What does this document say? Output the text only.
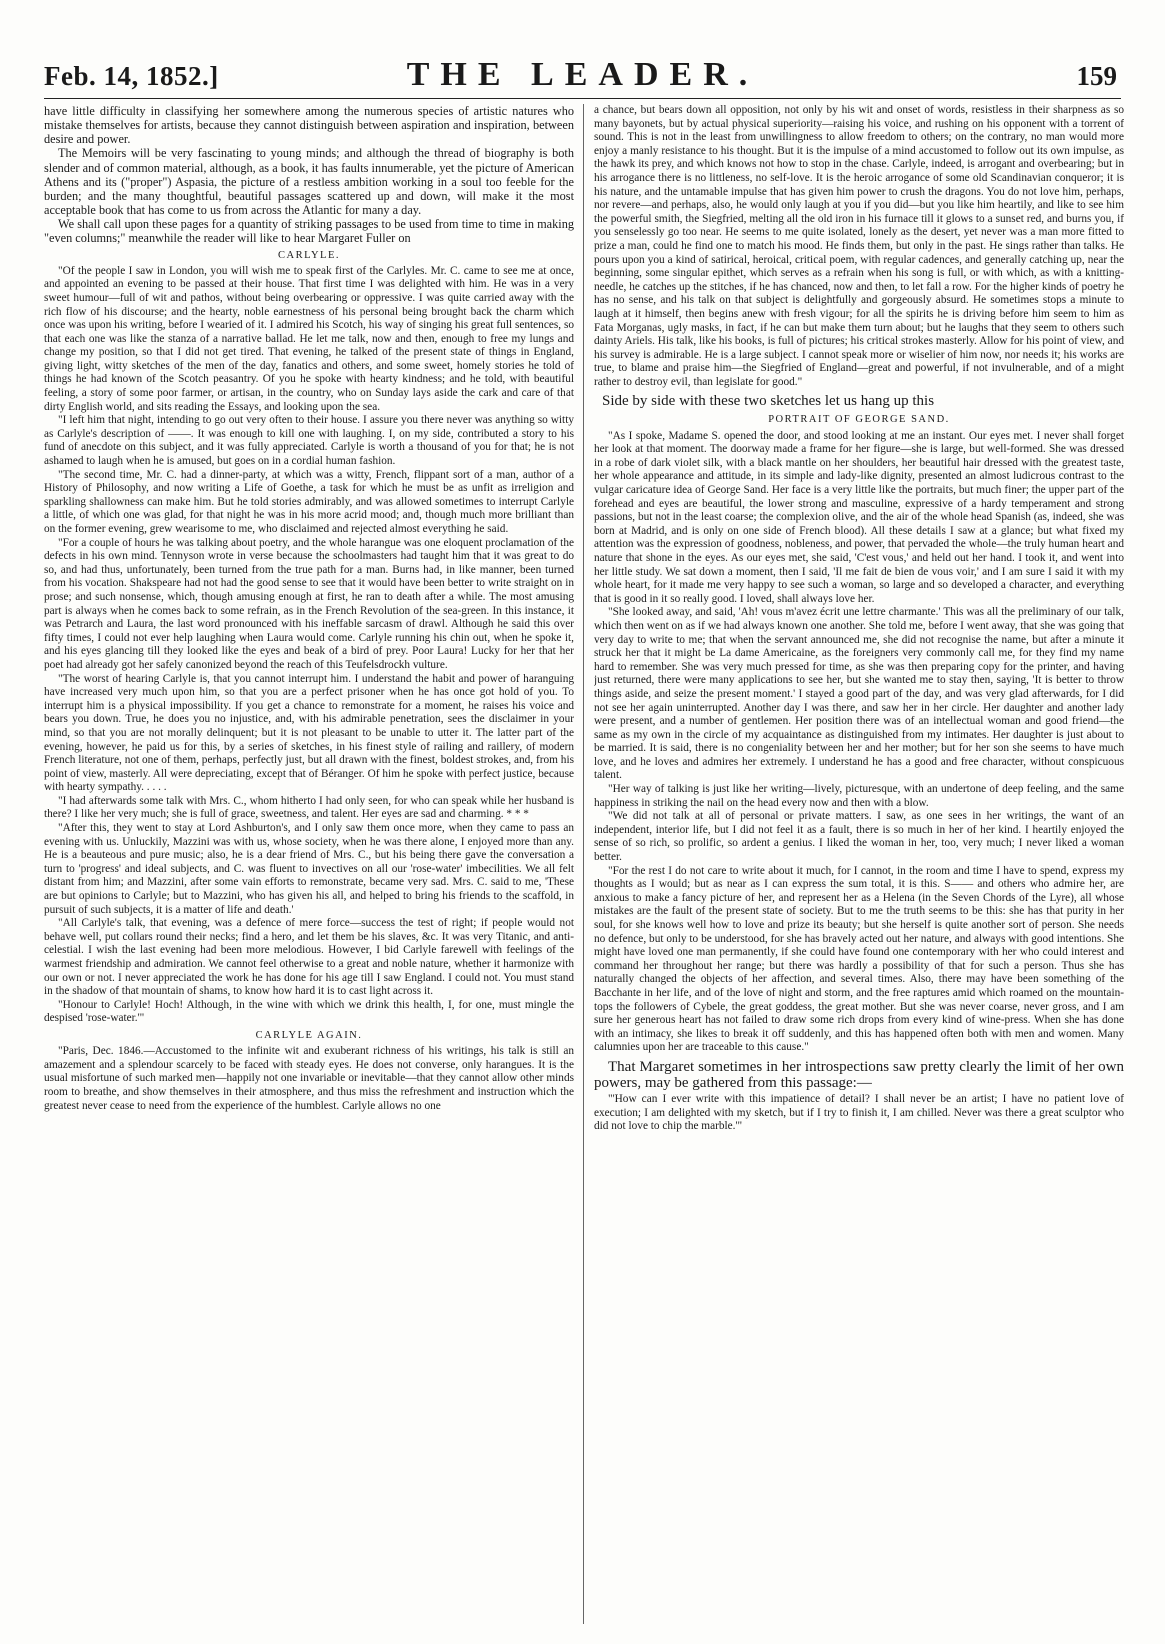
Feb. 14, 1852.]	THE LEADER.	159

have little difficulty in classifying her somewhere among the numerous species of artistic natures who mistake themselves for artists, because they cannot distinguish between aspiration and inspiration, between desire and power.

The Memoirs will be very fascinating to young minds; and although the thread of biography is both slender and of common material, although, as a book, it has faults innumerable, yet the picture of American Athens and its ("proper") Aspasia, the picture of a restless ambition working in a soul too feeble for the burden; and the many thoughtful, beautiful passages scattered up and down, will make it the most acceptable book that has come to us from across the Atlantic for many a day.

We shall call upon these pages for a quantity of striking passages to be used from time to time in making "even columns;" meanwhile the reader will like to hear Margaret Fuller on

CARLYLE.

"Of the people I saw in London, you will wish me to speak first of the Carlyles. Mr. C. came to see me at once, and appointed an evening to be passed at their house. That first time I was delighted with him. He was in a very sweet humour—full of wit and pathos, without being overbearing or oppressive. I was quite carried away with the rich flow of his discourse; and the hearty, noble earnestness of his personal being brought back the charm which once was upon his writing, before I wearied of it. I admired his Scotch, his way of singing his great full sentences, so that each one was like the stanza of a narrative ballad. He let me talk, now and then, enough to free my lungs and change my position, so that I did not get tired. That evening, he talked of the present state of things in England, giving light, witty sketches of the men of the day, fanatics and others, and some sweet, homely stories he told of things he had known of the Scotch peasantry. Of you he spoke with hearty kindness; and he told, with beautiful feeling, a story of some poor farmer, or artisan, in the country, who on Sunday lays aside the cark and care of that dirty English world, and sits reading the Essays, and looking upon the sea.

"I left him that night, intending to go out very often to their house. I assure you there never was anything so witty as Carlyle's description of ——. It was enough to kill one with laughing. I, on my side, contributed a story to his fund of anecdote on this subject, and it was fully appreciated. Carlyle is worth a thousand of you for that; he is not ashamed to laugh when he is amused, but goes on in a cordial human fashion.

"The second time, Mr. C. had a dinner-party, at which was a witty, French, flippant sort of a man, author of a History of Philosophy, and now writing a Life of Goethe, a task for which he must be as unfit as irreligion and sparkling shallowness can make him. But he told stories admirably, and was allowed sometimes to interrupt Carlyle a little, of which one was glad, for that night he was in his more acrid mood; and, though much more brilliant than on the former evening, grew wearisome to me, who disclaimed and rejected almost everything he said.

"For a couple of hours he was talking about poetry, and the whole harangue was one eloquent proclamation of the defects in his own mind. Tennyson wrote in verse because the schoolmasters had taught him that it was great to do so, and had thus, unfortunately, been turned from the true path for a man. Burns had, in like manner, been turned from his vocation. Shakspeare had not had the good sense to see that it would have been better to write straight on in prose; and such nonsense, which, though amusing enough at first, he ran to death after a while. The most amusing part is always when he comes back to some refrain, as in the French Revolution of the sea-green. In this instance, it was Petrarch and Laura, the last word pronounced with his ineffable sarcasm of drawl. Although he said this over fifty times, I could not ever help laughing when Laura would come. Carlyle running his chin out, when he spoke it, and his eyes glancing till they looked like the eyes and beak of a bird of prey. Poor Laura! Lucky for her that her poet had already got her safely canonized beyond the reach of this Teufelsdrockh vulture.

"The worst of hearing Carlyle is, that you cannot interrupt him. I understand the habit and power of haranguing have increased very much upon him, so that you are a perfect prisoner when he has once got hold of you. To interrupt him is a physical impossibility. If you get a chance to remonstrate for a moment, he raises his voice and bears you down. True, he does you no injustice, and, with his admirable penetration, sees the disclaimer in your mind, so that you are not morally delinquent; but it is not pleasant to be unable to utter it. The latter part of the evening, however, he paid us for this, by a series of sketches, in his finest style of railing and raillery, of modern French literature, not one of them, perhaps, perfectly just, but all drawn with the finest, boldest strokes, and, from his point of view, masterly. All were depreciating, except that of Béranger. Of him he spoke with perfect justice, because with hearty sympathy. . . . .

"I had afterwards some talk with Mrs. C., whom hitherto I had only seen, for who can speak while her husband is there? I like her very much; she is full of grace, sweetness, and talent. Her eyes are sad and charming. * * *

"After this, they went to stay at Lord Ashburton's, and I only saw them once more, when they came to pass an evening with us. Unluckily, Mazzini was with us, whose society, when he was there alone, I enjoyed more than any. He is a beauteous and pure music; also, he is a dear friend of Mrs. C., but his being there gave the conversation a turn to 'progress' and ideal subjects, and C. was fluent to invectives on all our 'rose-water' imbecilities. We all felt distant from him; and Mazzini, after some vain efforts to remonstrate, became very sad. Mrs. C. said to me, 'These are but opinions to Carlyle; but to Mazzini, who has given his all, and helped to bring his friends to the scaffold, in pursuit of such subjects, it is a matter of life and death.'

"All Carlyle's talk, that evening, was a defence of mere force—success the test of right; if people would not behave well, put collars round their necks; find a hero, and let them be his slaves, &c. It was very Titanic, and anti-celestial. I wish the last evening had been more melodious. However, I bid Carlyle farewell with feelings of the warmest friendship and admiration. We cannot feel otherwise to a great and noble nature, whether it harmonize with our own or not. I never appreciated the work he has done for his age till I saw England. I could not. You must stand in the shadow of that mountain of shams, to know how hard it is to cast light across it.

"Honour to Carlyle! Hoch! Although, in the wine with which we drink this health, I, for one, must mingle the despised 'rose-water.'"

CARLYLE AGAIN.

"Paris, Dec. 1846.—Accustomed to the infinite wit and exuberant richness of his writings, his talk is still an amazement and a splendour scarcely to be faced with steady eyes. He does not converse, only harangues. It is the usual misfortune of such marked men—happily not one invariable or inevitable—that they cannot allow other minds room to breathe, and show themselves in their atmosphere, and thus miss the refreshment and instruction which the greatest never cease to need from the experience of the humblest. Carlyle allows no one

a chance, but bears down all opposition, not only by his wit and onset of words, resistless in their sharpness as so many bayonets, but by actual physical superiority—raising his voice, and rushing on his opponent with a torrent of sound. This is not in the least from unwillingness to allow freedom to others; on the contrary, no man would more enjoy a manly resistance to his thought. But it is the impulse of a mind accustomed to follow out its own impulse, as the hawk its prey, and which knows not how to stop in the chase. Carlyle, indeed, is arrogant and overbearing; but in his arrogance there is no littleness, no self-love. It is the heroic arrogance of some old Scandinavian conqueror; it is his nature, and the untamable impulse that has given him power to crush the dragons. You do not love him, perhaps, nor revere—and perhaps, also, he would only laugh at you if you did—but you like him heartily, and like to see him the powerful smith, the Siegfried, melting all the old iron in his furnace till it glows to a sunset red, and burns you, if you senselessly go too near. He seems to me quite isolated, lonely as the desert, yet never was a man more fitted to prize a man, could he find one to match his mood. He finds them, but only in the past. He sings rather than talks. He pours upon you a kind of satirical, heroical, critical poem, with regular cadences, and generally catching up, near the beginning, some singular epithet, which serves as a refrain when his song is full, or with which, as with a knitting-needle, he catches up the stitches, if he has chanced, now and then, to let fall a row. For the higher kinds of poetry he has no sense, and his talk on that subject is delightfully and gorgeously absurd. He sometimes stops a minute to laugh at it himself, then begins anew with fresh vigour; for all the spirits he is driving before him seem to him as Fata Morganas, ugly masks, in fact, if he can but make them turn about; but he laughs that they seem to others such dainty Ariels. His talk, like his books, is full of pictures; his critical strokes masterly. Allow for his point of view, and his survey is admirable. He is a large subject. I cannot speak more or wiselier of him now, nor needs it; his works are true, to blame and praise him—the Siegfried of England—great and powerful, if not invulnerable, and of a might rather to destroy evil, than legislate for good."

Side by side with these two sketches let us hang up this

PORTRAIT OF GEORGE SAND.

"As I spoke, Madame S. opened the door, and stood looking at me an instant. Our eyes met. I never shall forget her look at that moment. The doorway made a frame for her figure—she is large, but well-formed. She was dressed in a robe of dark violet silk, with a black mantle on her shoulders, her beautiful hair dressed with the greatest taste, her whole appearance and attitude, in its simple and lady-like dignity, presented an almost ludicrous contrast to the vulgar caricature idea of George Sand. Her face is a very little like the portraits, but much finer; the upper part of the forehead and eyes are beautiful, the lower strong and masculine, expressive of a hardy temperament and strong passions, but not in the least coarse; the complexion olive, and the air of the whole head Spanish (as, indeed, she was born at Madrid, and is only on one side of French blood). All these details I saw at a glance; but what fixed my attention was the expression of goodness, nobleness, and power, that pervaded the whole—the truly human heart and nature that shone in the eyes. As our eyes met, she said, 'C'est vous,' and held out her hand. I took it, and went into her little study. We sat down a moment, then I said, 'Il me fait de bien de vous voir,' and I am sure I said it with my whole heart, for it made me very happy to see such a woman, so large and so developed a character, and everything that is good in it so really good. I loved, shall always love her.

"She looked away, and said, 'Ah! vous m'avez écrit une lettre charmante.' This was all the preliminary of our talk, which then went on as if we had always known one another. She told me, before I went away, that she was going that very day to write to me; that when the servant announced me, she did not recognise the name, but after a minute it struck her that it might be La dame Americaine, as the foreigners very commonly call me, for they find my name hard to remember. She was very much pressed for time, as she was then preparing copy for the printer, and having just returned, there were many applications to see her, but she wanted me to stay then, saying, 'It is better to throw things aside, and seize the present moment.' I stayed a good part of the day, and was very glad afterwards, for I did not see her again uninterrupted. Another day I was there, and saw her in her circle. Her daughter and another lady were present, and a number of gentlemen. Her position there was of an intellectual woman and good friend—the same as my own in the circle of my acquaintance as distinguished from my intimates. Her daughter is just about to be married. It is said, there is no congeniality between her and her mother; but for her son she seems to have much love, and he loves and admires her extremely. I understand he has a good and free character, without conspicuous talent.

"Her way of talking is just like her writing—lively, picturesque, with an undertone of deep feeling, and the same happiness in striking the nail on the head every now and then with a blow.

"We did not talk at all of personal or private matters. I saw, as one sees in her writings, the want of an independent, interior life, but I did not feel it as a fault, there is so much in her of her kind. I heartily enjoyed the sense of so rich, so prolific, so ardent a genius. I liked the woman in her, too, very much; I never liked a woman better.

"For the rest I do not care to write about it much, for I cannot, in the room and time I have to spend, express my thoughts as I would; but as near as I can express the sum total, it is this. S—— and others who admire her, are anxious to make a fancy picture of her, and represent her as a Helena (in the Seven Chords of the Lyre), all whose mistakes are the fault of the present state of society. But to me the truth seems to be this: she has that purity in her soul, for she knows well how to love and prize its beauty; but she herself is quite another sort of person. She needs no defence, but only to be understood, for she has bravely acted out her nature, and always with good intentions. She might have loved one man permanently, if she could have found one contemporary with her who could interest and command her throughout her range; but there was hardly a possibility of that for such a person. Thus she has naturally changed the objects of her affection, and several times. Also, there may have been something of the Bacchante in her life, and of the love of night and storm, and the free raptures amid which roamed on the mountain-tops the followers of Cybele, the great goddess, the great mother. But she was never coarse, never gross, and I am sure her generous heart has not failed to draw some rich drops from every kind of wine-press. When she has done with an intimacy, she likes to break it off suddenly, and this has happened often both with men and women. Many calumnies upon her are traceable to this cause."

That Margaret sometimes in her introspections saw pretty clearly the limit of her own powers, may be gathered from this passage:—

"'How can I ever write with this impatience of detail? I shall never be an artist; I have no patient love of execution; I am delighted with my sketch, but if I try to finish it, I am chilled. Never was there a great sculptor who did not love to chip the marble.'"
